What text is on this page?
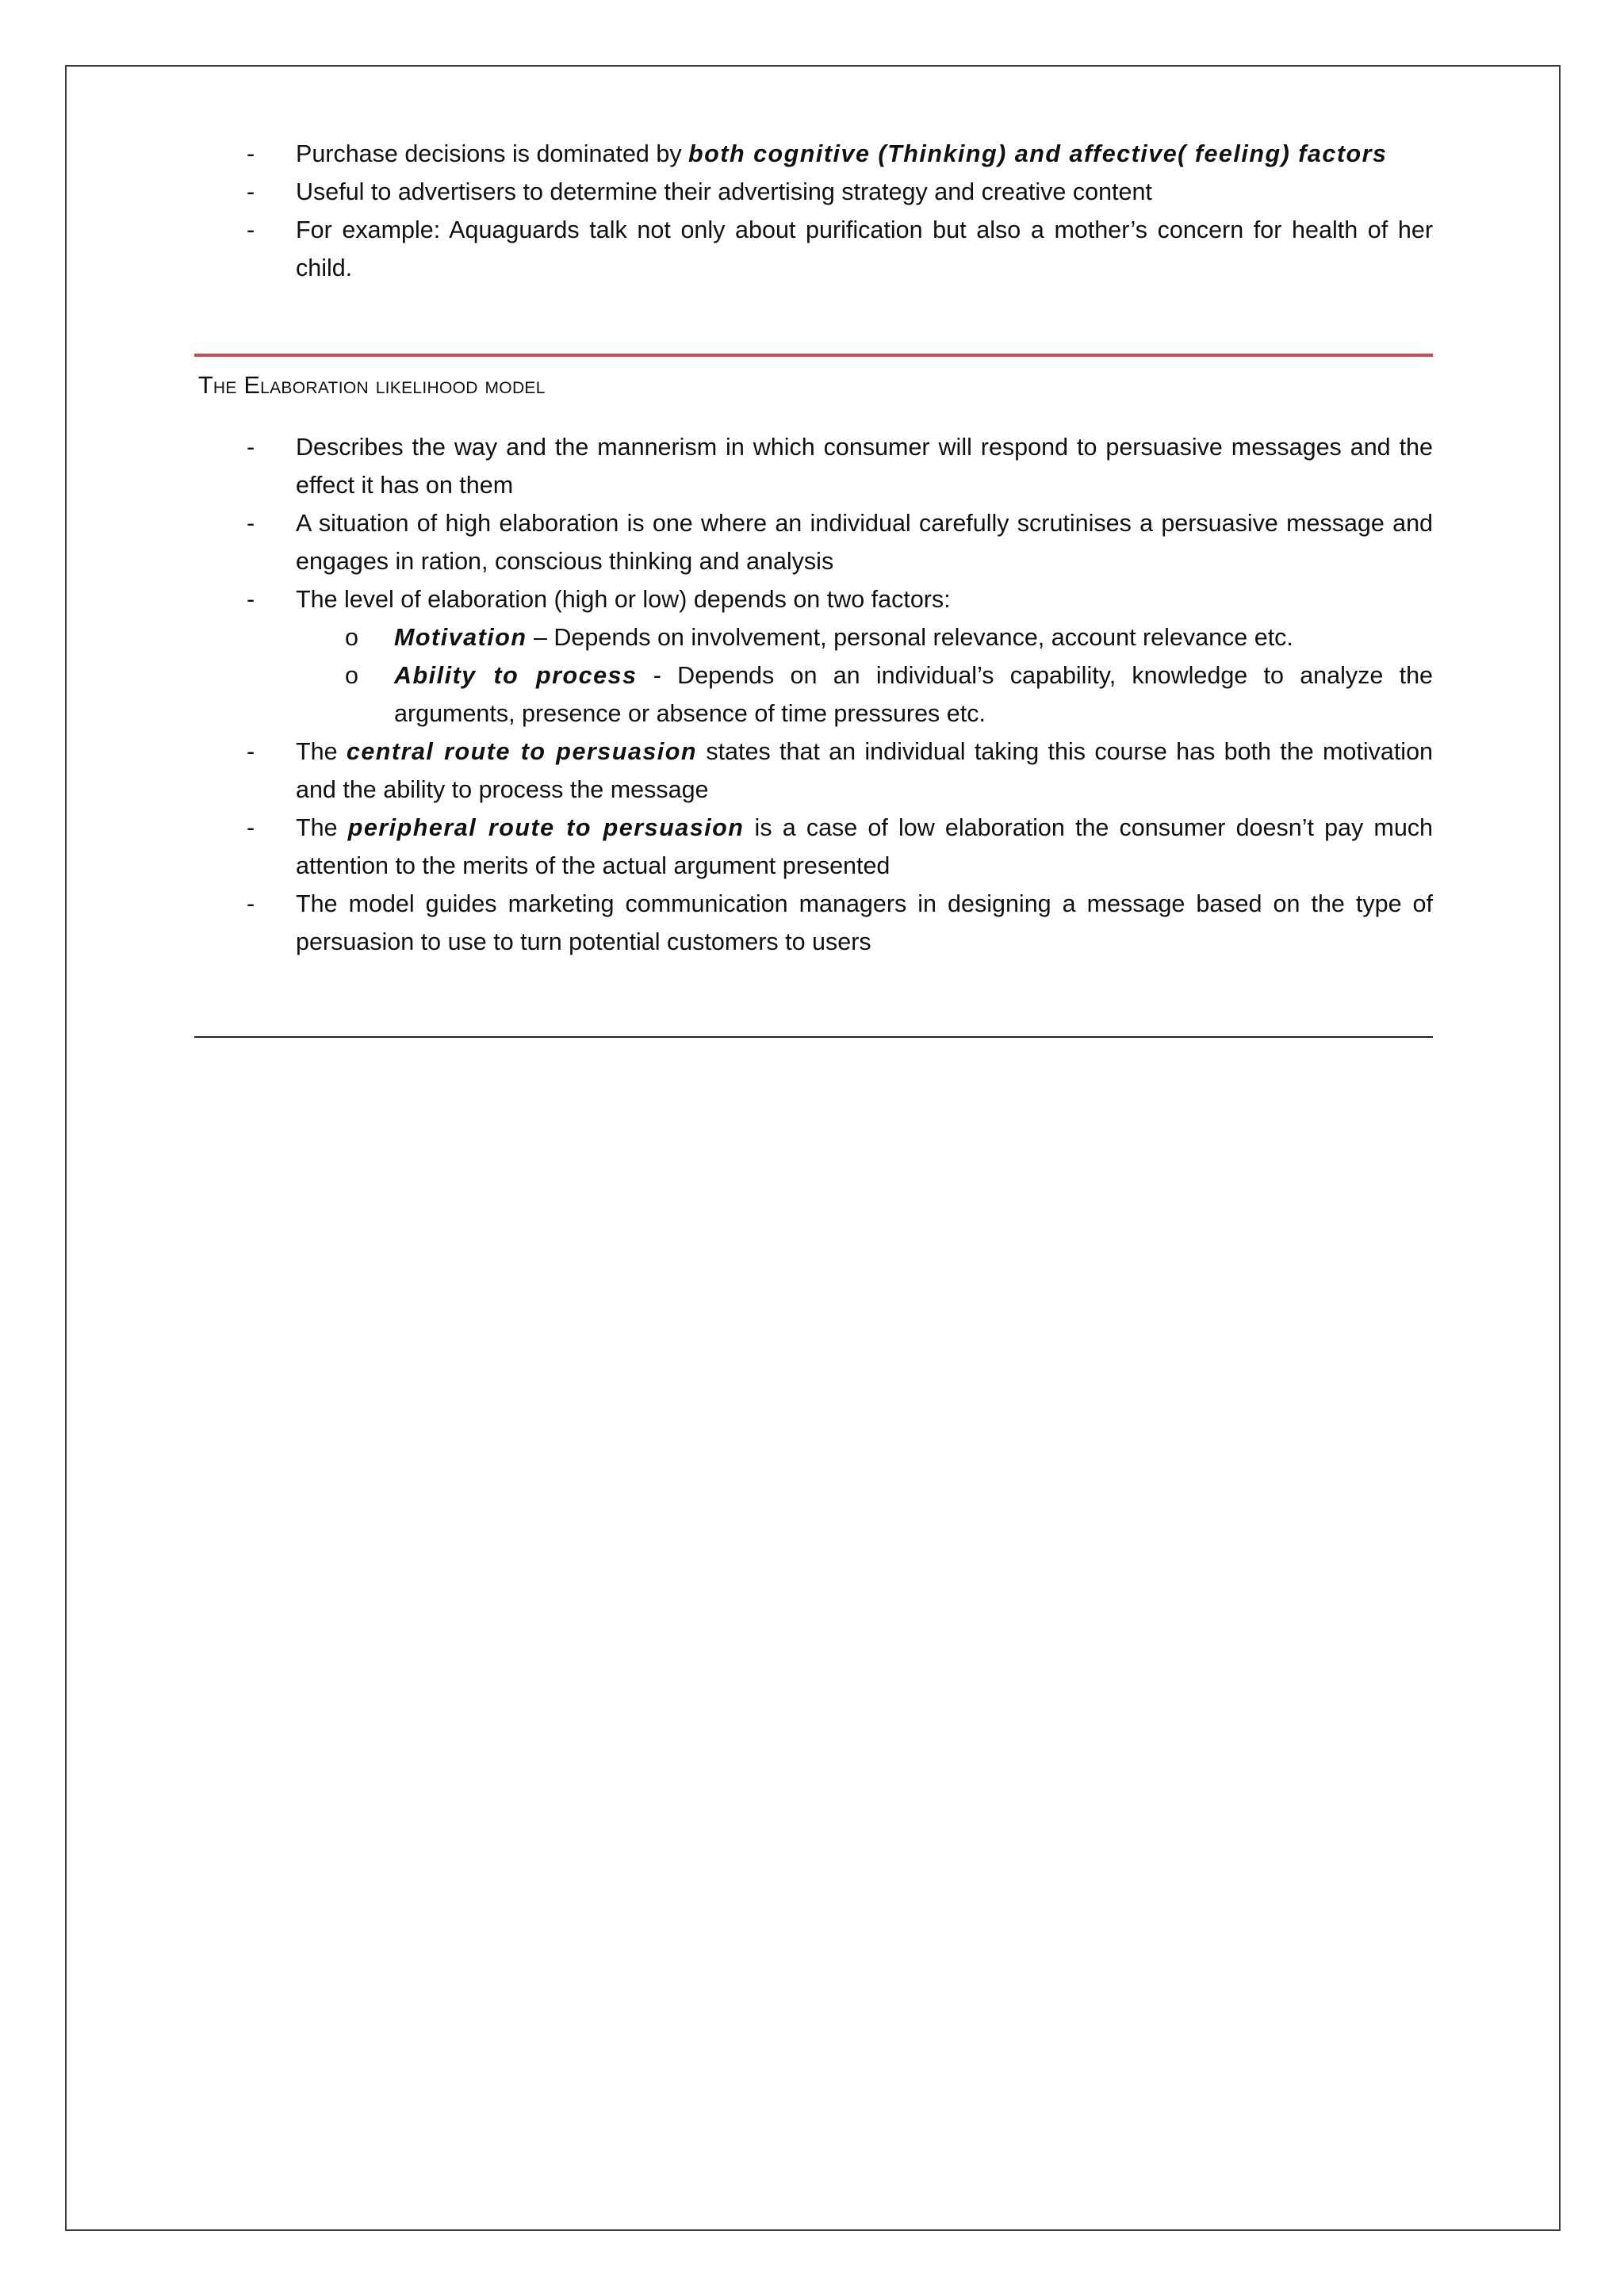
- Purchase decisions is dominated by both cognitive (Thinking) and affective( feeling) factors
- Useful to advertisers to determine their advertising strategy and creative content
- For example: Aquaguards talk not only about purification but also a mother’s concern for health of her child.
The Elaboration likelihood model
- Describes the way and the mannerism in which consumer will respond to persuasive messages and the effect it has on them
- A situation of high elaboration is one where an individual carefully scrutinises a persuasive message and engages in ration, conscious thinking and analysis
- The level of elaboration (high or low) depends on two factors:
o Motivation – Depends on involvement, personal relevance, account relevance etc.
o Ability to process - Depends on an individual’s capability, knowledge to analyze the arguments, presence or absence of time pressures etc.
- The central route to persuasion states that an individual taking this course has both the motivation and the ability to process the message
- The peripheral route to persuasion is a case of low elaboration the consumer doesn’t pay much attention to the merits of the actual argument presented
- The model guides marketing communication managers in designing a message based on the type of persuasion to use to turn potential customers to users
